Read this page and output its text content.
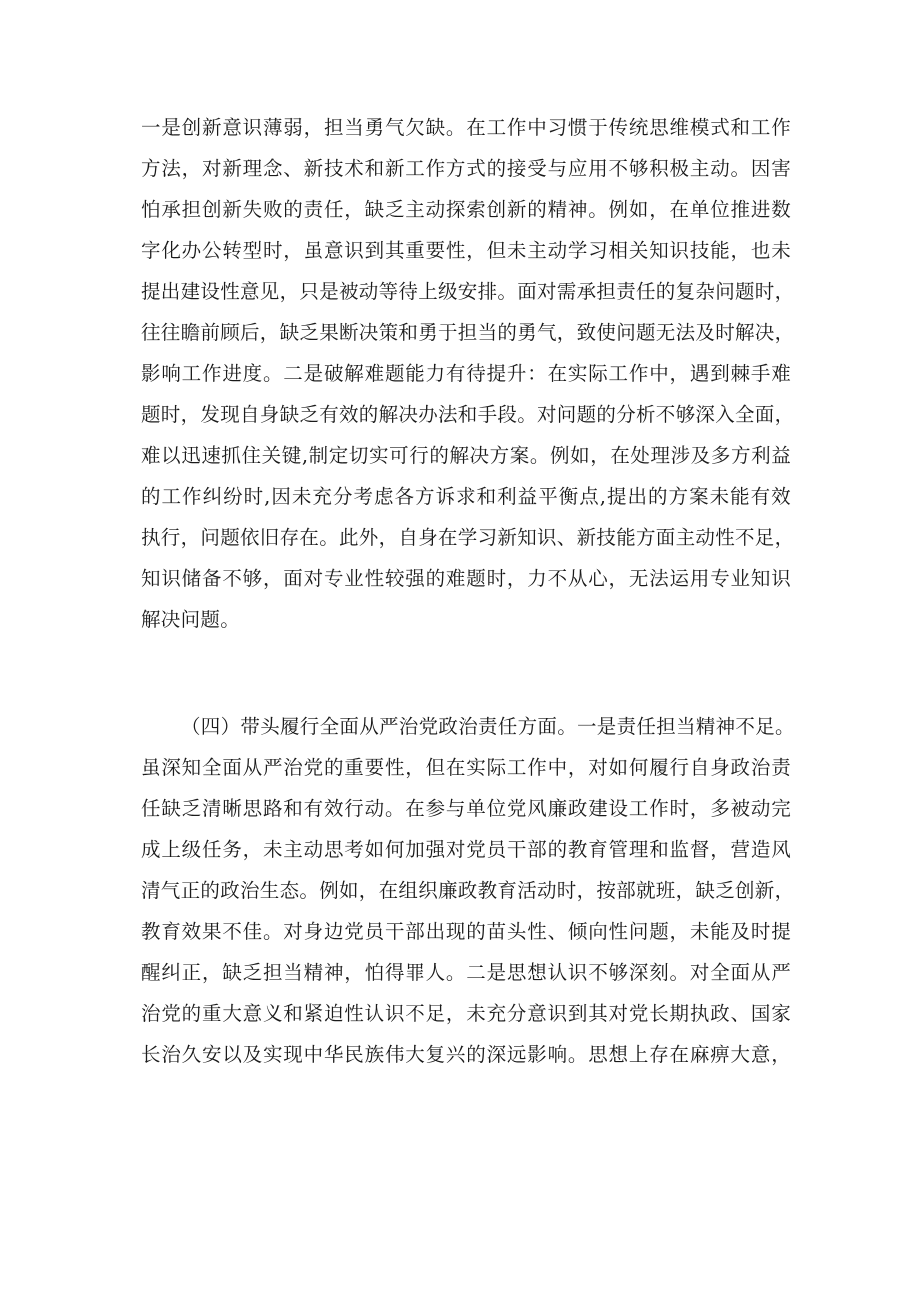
一是创新意识薄弱，担当勇气欠缺。在工作中习惯于传统思维模式和工作
方法，对新理念、新技术和新工作方式的接受与应用不够积极主动。因害
怕承担创新失败的责任，缺乏主动探索创新的精神。例如，在单位推进数
字化办公转型时，虽意识到其重要性，但未主动学习相关知识技能，也未
提出建设性意见，只是被动等待上级安排。面对需承担责任的复杂问题时，
往往瞻前顾后，缺乏果断决策和勇于担当的勇气，致使问题无法及时解决，
影响工作进度。二是破解难题能力有待提升：在实际工作中，遇到棘手难
题时，发现自身缺乏有效的解决办法和手段。对问题的分析不够深入全面，
难以迅速抓住关键,制定切实可行的解决方案。例如，在处理涉及多方利益
的工作纠纷时,因未充分考虑各方诉求和利益平衡点,提出的方案未能有效
执行，问题依旧存在。此外，自身在学习新知识、新技能方面主动性不足，
知识储备不够，面对专业性较强的难题时，力不从心，无法运用专业知识
解决问题。
（四）带头履行全面从严治党政治责任方面。一是责任担当精神不足。
虽深知全面从严治党的重要性，但在实际工作中，对如何履行自身政治责
任缺乏清晰思路和有效行动。在参与单位党风廉政建设工作时，多被动完
成上级任务，未主动思考如何加强对党员干部的教育管理和监督，营造风
清气正的政治生态。例如，在组织廉政教育活动时，按部就班，缺乏创新，
教育效果不佳。对身边党员干部出现的苗头性、倾向性问题，未能及时提
醒纠正，缺乏担当精神，怕得罪人。二是思想认识不够深刻。对全面从严
治党的重大意义和紧迫性认识不足，未充分意识到其对党长期执政、国家
长治久安以及实现中华民族伟大复兴的深远影响。思想上存在麻痹大意，
